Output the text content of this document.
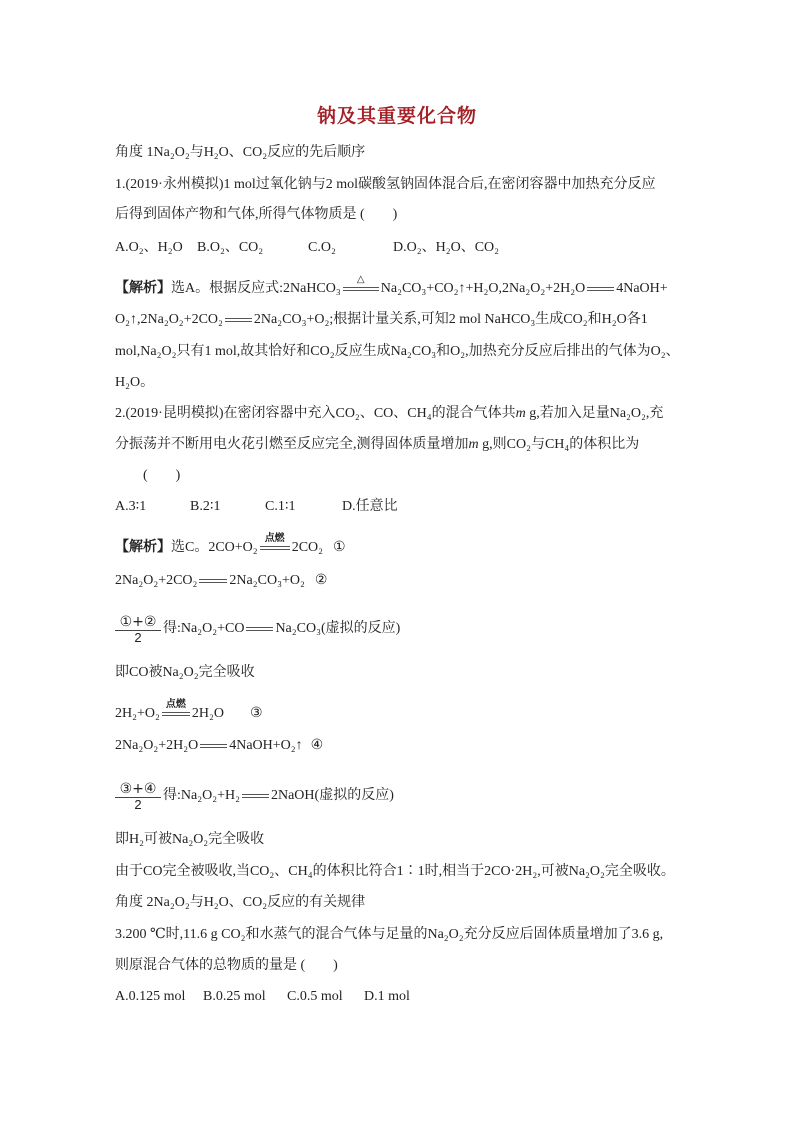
钠及其重要化合物
角度 1Na₂O₂与H₂O、CO₂反应的先后顺序
1.(2019·永州模拟)1 mol过氧化钠与2 mol碳酸氢钠固体混合后,在密闭容器中加热充分反应
后得到固体产物和气体,所得气体物质是 (　　)
A.O₂、H₂O	B.O₂、CO₂	C.O₂	D.O₂、H₂O、CO₂
【解析】 选A。根据反应式:2NaHCO₃

△

Na₂CO₃+CO₂↑+H₂O,2Na₂O₂+2H₂O 4NaOH+
O₂↑,2Na₂O₂+2CO₂ 2Na₂CO₃+O₂;根据计量关系,可知2 mol NaHCO₃生成CO₂和H₂O各1
mol,Na₂O₂只有1 mol,故其恰好和CO₂反应生成Na₂CO₃和O₂,加热充分反应后排出的气体为O₂、
H₂O。
2.(2019·昆明模拟)在密闭容器中充入CO₂、CO、CH₄的混合气体共 m g,若加入足量Na₂O₂,充
分振荡并不断用电火花引燃至反应完全,测得固体质量增加 m g,则CO₂与CH₄的体积比为
(　　)
A.3∶1	B.2∶1	C.1∶1	D.任意比
【解析】 选C。2CO+O₂

点燃

2CO₂ ①
2Na₂O₂+2CO₂ 2Na₂CO₃+O₂ ②
$\frac{\text{①+②}}{2}$ 得:Na₂O₂+CO Na₂CO₃(虚拟的反应)
即CO被Na₂O₂完全吸收
2H₂+O₂

点燃

2H₂O ③
2Na₂O₂+2H₂O 4NaOH+O₂↑ ④
$\frac{\text{③+④}}{2}$ 得:Na₂O₂+H₂ 2NaOH(虚拟的反应)
即H₂可被Na₂O₂完全吸收
由于CO完全被吸收,当CO₂、CH₄的体积比符合1∶1时,相当于2CO·2H₂,可被Na₂O₂完全吸收。
角度 2Na₂O₂与H₂O、CO₂反应的有关规律
3.200 ℃时,11.6 g CO₂和水蒸气的混合气体与足量的Na₂O₂充分反应后固体质量增加了3.6 g,
则原混合气体的总物质的量是 (　　)
A.0.125 mol	B.0.25 mol	C.0.5 mol	D.1 mol
